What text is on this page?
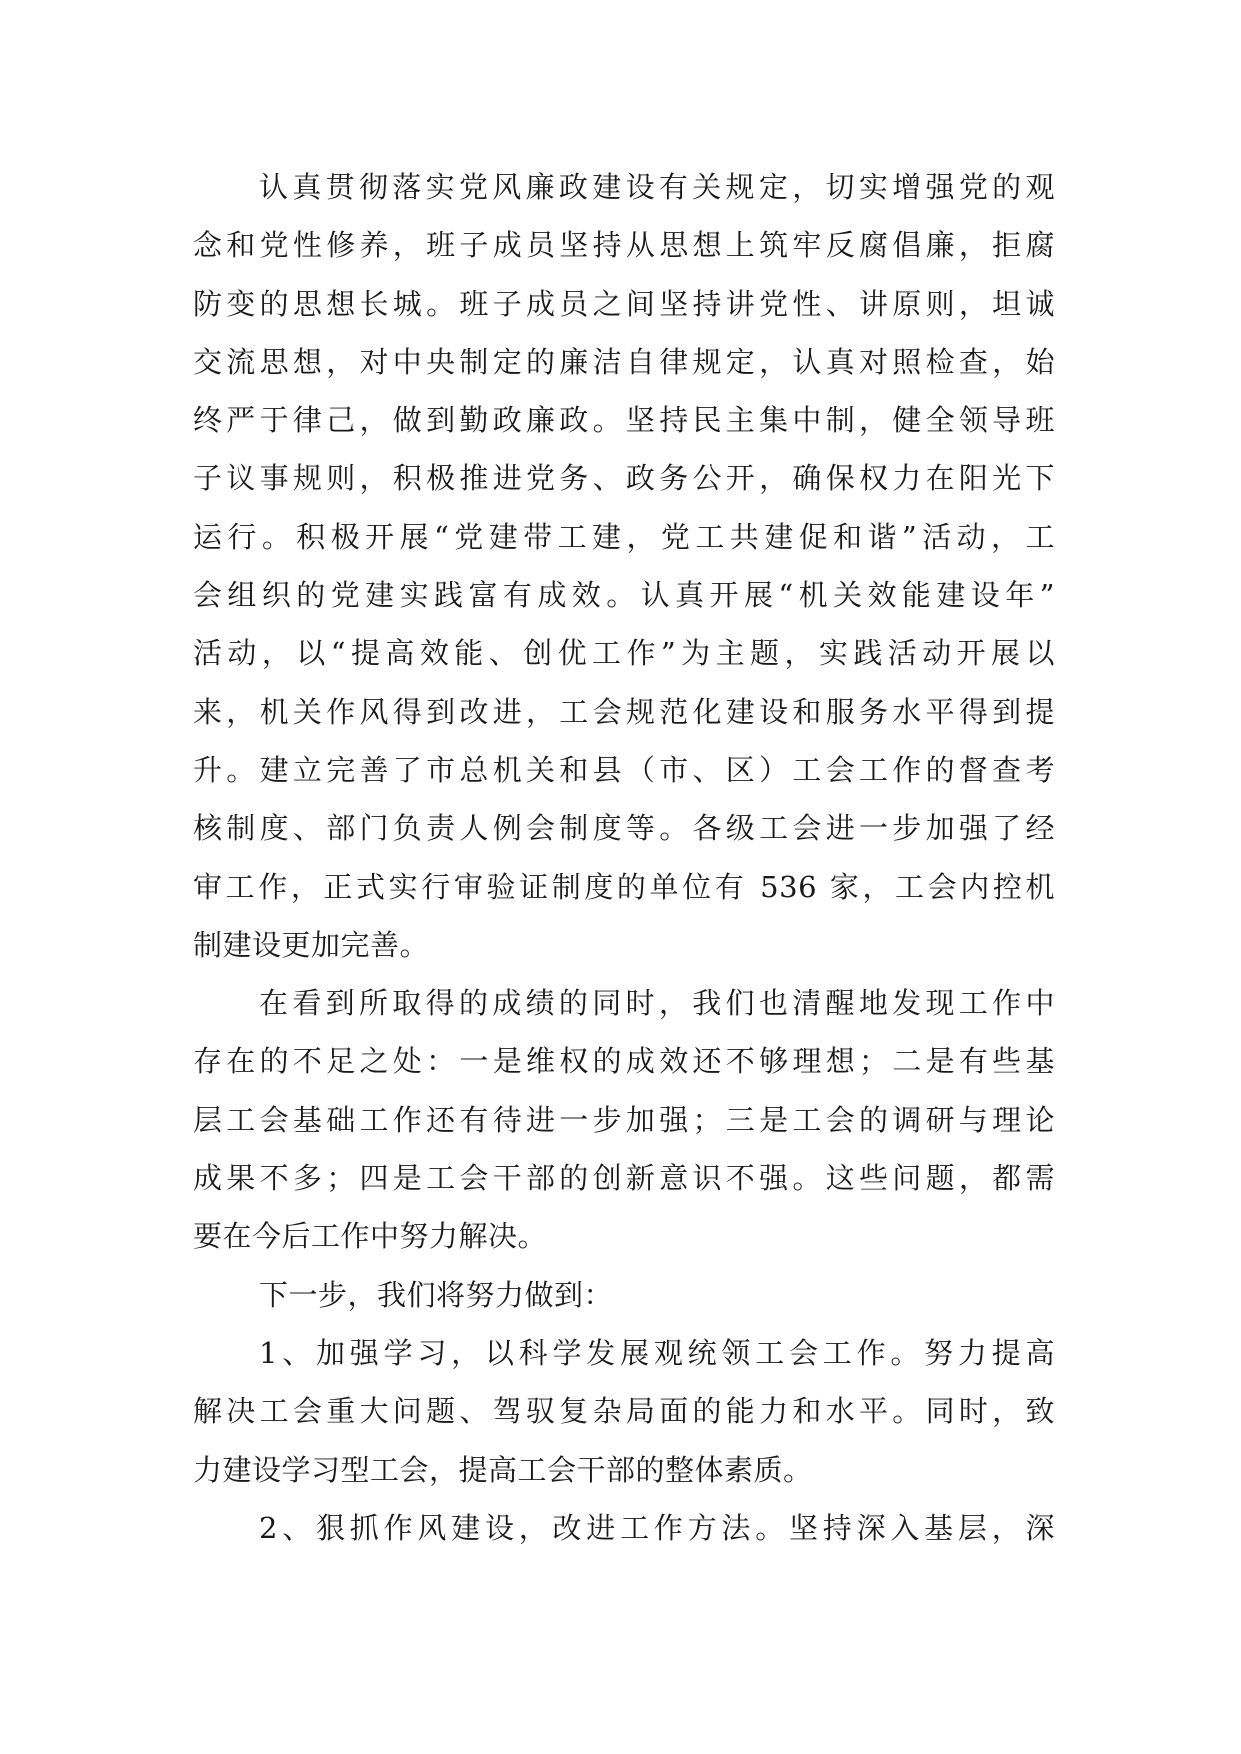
认真贯彻落实党风廉政建设有关规定，切实增强党的观
念和党性修养，班子成员坚持从思想上筑牢反腐倡廉，拒腐
防变的思想长城。班子成员之间坚持讲党性、讲原则，坦诚
交流思想，对中央制定的廉洁自律规定，认真对照检查，始
终严于律己，做到勤政廉政。坚持民主集中制，健全领导班
子议事规则，积极推进党务、政务公开，确保权力在阳光下
运行。积极开展“党建带工建，党工共建促和谐”活动，工
会组织的党建实践富有成效。认真开展“机关效能建设年”
活动，以“提高效能、创优工作”为主题，实践活动开展以
来，机关作风得到改进，工会规范化建设和服务水平得到提
升。建立完善了市总机关和县（市、区）工会工作的督查考
核制度、部门负责人例会制度等。各级工会进一步加强了经
审工作，正式实行审验证制度的单位有 536 家，工会内控机
制建设更加完善。
在看到所取得的成绩的同时，我们也清醒地发现工作中
存在的不足之处：一是维权的成效还不够理想；二是有些基
层工会基础工作还有待进一步加强；三是工会的调研与理论
成果不多；四是工会干部的创新意识不强。这些问题，都需
要在今后工作中努力解决。
下一步，我们将努力做到：
1、加强学习，以科学发展观统领工会工作。努力提高
解决工会重大问题、驾驭复杂局面的能力和水平。同时，致
力建设学习型工会，提高工会干部的整体素质。
2、狠抓作风建设，改进工作方法。坚持深入基层，深
